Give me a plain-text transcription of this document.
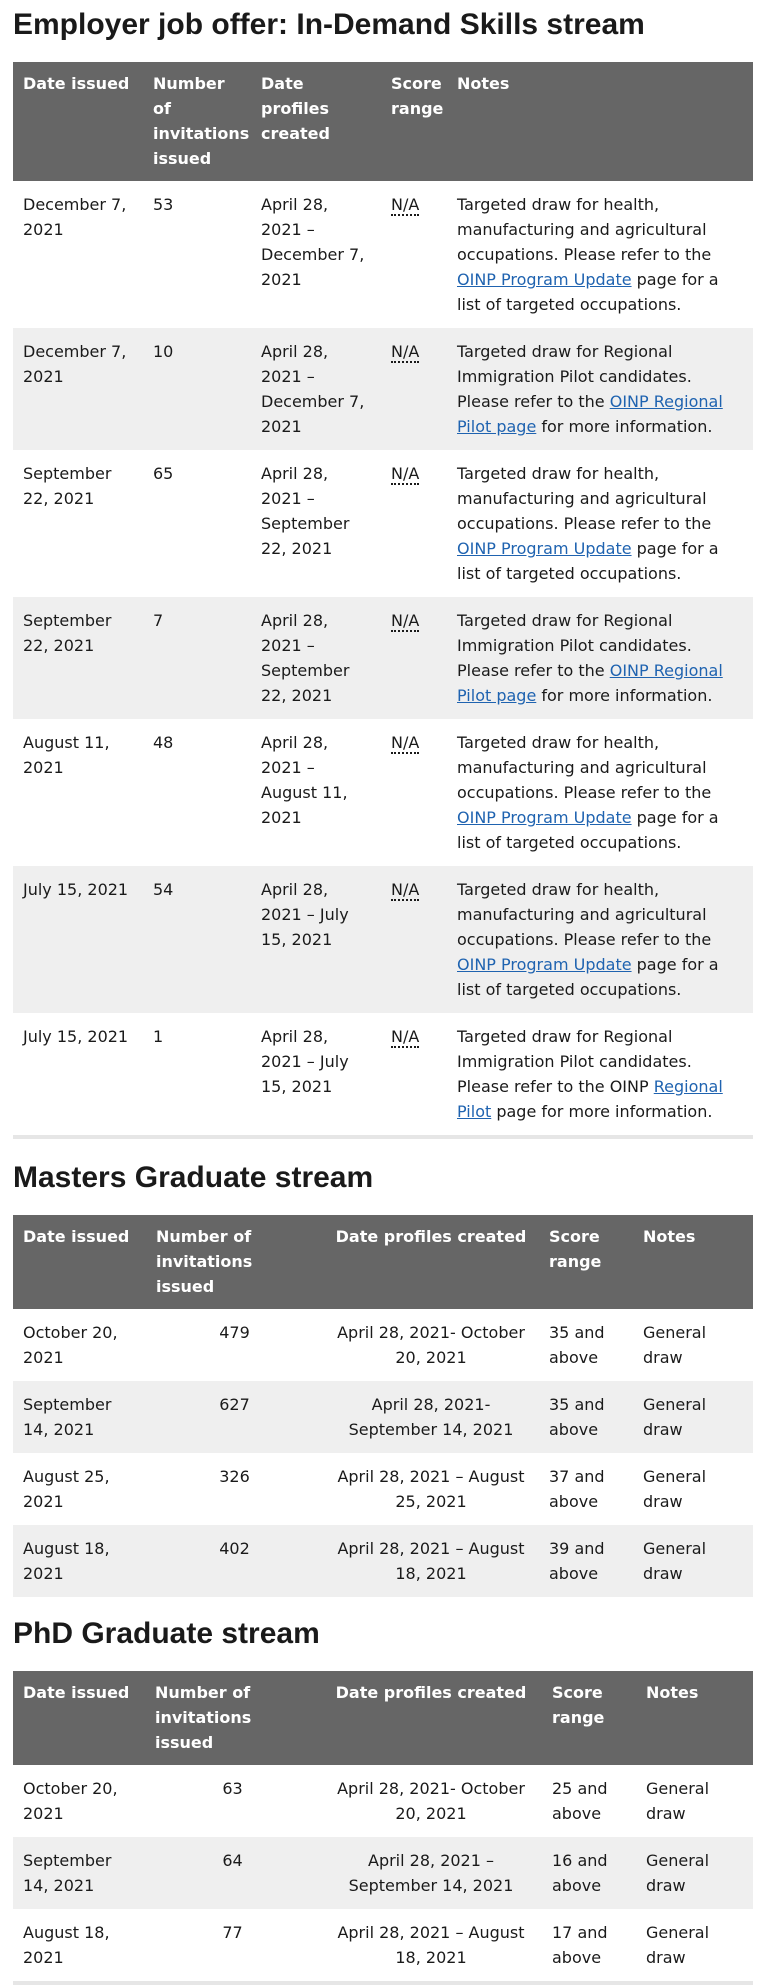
Employer job offer: In-Demand Skills stream
Date issued	Number of invitations issued	Date profiles created	Score range	Notes
December 7, 2021	53	April 28, 2021 – December 7, 2021	N/A	Targeted draw for health, manufacturing and agricultural occupations. Please refer to the OINP Program Update page for a list of targeted occupations.
December 7, 2021	10	April 28, 2021 – December 7, 2021	N/A	Targeted draw for Regional Immigration Pilot candidates. Please refer to the OINP Regional Pilot page for more information.
September 22, 2021	65	April 28, 2021 – September 22, 2021	N/A	Targeted draw for health, manufacturing and agricultural occupations. Please refer to the OINP Program Update page for a list of targeted occupations.
September 22, 2021	7	April 28, 2021 – September 22, 2021	N/A	Targeted draw for Regional Immigration Pilot candidates. Please refer to the OINP Regional Pilot page for more information.
August 11, 2021	48	April 28, 2021 – August 11, 2021	N/A	Targeted draw for health, manufacturing and agricultural occupations. Please refer to the OINP Program Update page for a list of targeted occupations.
July 15, 2021	54	April 28, 2021 – July 15, 2021	N/A	Targeted draw for health, manufacturing and agricultural occupations. Please refer to the OINP Program Update page for a list of targeted occupations.
July 15, 2021	1	April 28, 2021 – July 15, 2021	N/A	Targeted draw for Regional Immigration Pilot candidates. Please refer to the OINP Regional Pilot page for more information.
Masters Graduate stream
Date issued	Number of invitations issued	Date profiles created	Score range	Notes
October 20, 2021	479	April 28, 2021- October 20, 2021	35 and above	General draw
September 14, 2021	627	April 28, 2021- September 14, 2021	35 and above	General draw
August 25, 2021	326	April 28, 2021 – August 25, 2021	37 and above	General draw
August 18, 2021	402	April 28, 2021 – August 18, 2021	39 and above	General draw
PhD Graduate stream
Date issued	Number of invitations issued	Date profiles created	Score range	Notes
October 20, 2021	63	April 28, 2021- October 20, 2021	25 and above	General draw
September 14, 2021	64	April 28, 2021 – September 14, 2021	16 and above	General draw
August 18, 2021	77	April 28, 2021 – August 18, 2021	17 and above	General draw
